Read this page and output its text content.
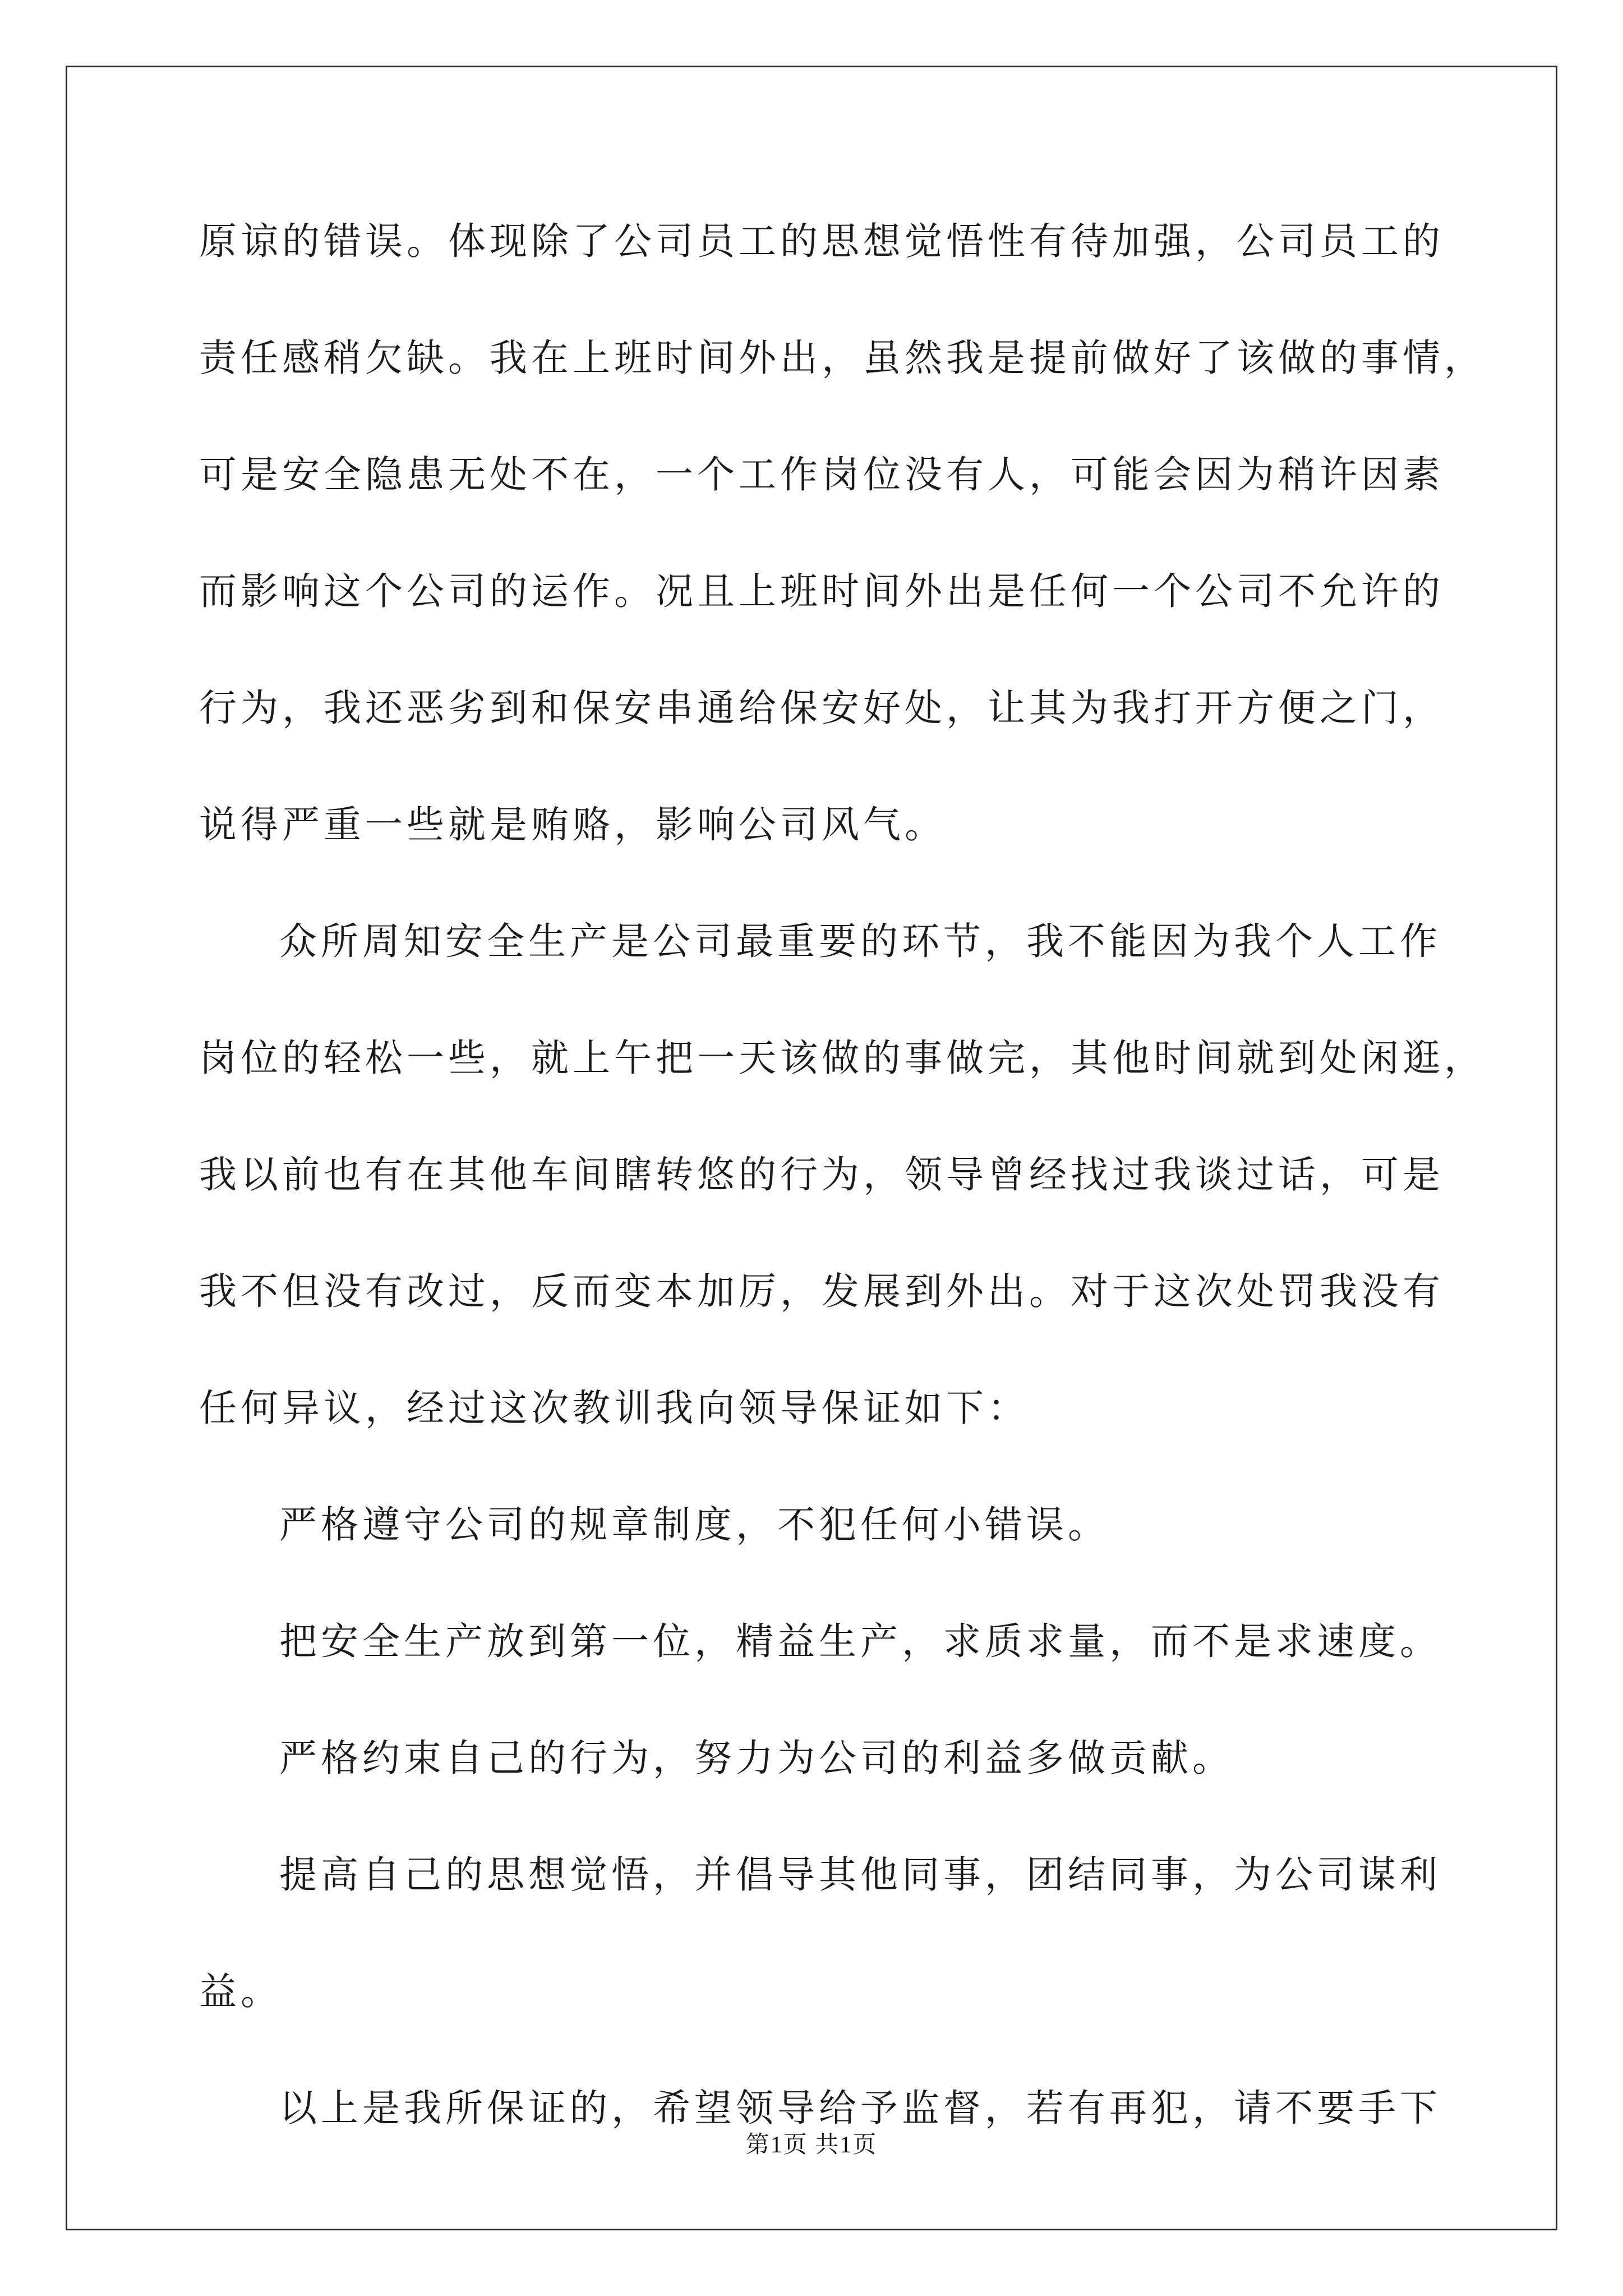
原谅的错误。体现除了公司员工的思想觉悟性有待加强，公司员工的
责任感稍欠缺。我在上班时间外出，虽然我是提前做好了该做的事情，
可是安全隐患无处不在，一个工作岗位没有人，可能会因为稍许因素
而影响这个公司的运作。况且上班时间外出是任何一个公司不允许的
行为，我还恶劣到和保安串通给保安好处，让其为我打开方便之门，
说得严重一些就是贿赂，影响公司风气。
众所周知安全生产是公司最重要的环节，我不能因为我个人工作
岗位的轻松一些，就上午把一天该做的事做完，其他时间就到处闲逛，
我以前也有在其他车间瞎转悠的行为，领导曾经找过我谈过话，可是
我不但没有改过，反而变本加厉，发展到外出。对于这次处罚我没有
任何异议，经过这次教训我向领导保证如下：
严格遵守公司的规章制度，不犯任何小错误。
把安全生产放到第一位，精益生产，求质求量，而不是求速度。
严格约束自己的行为，努力为公司的利益多做贡献。
提高自己的思想觉悟，并倡导其他同事，团结同事，为公司谋利
益。
以上是我所保证的，希望领导给予监督，若有再犯，请不要手下
第1页 共1页
